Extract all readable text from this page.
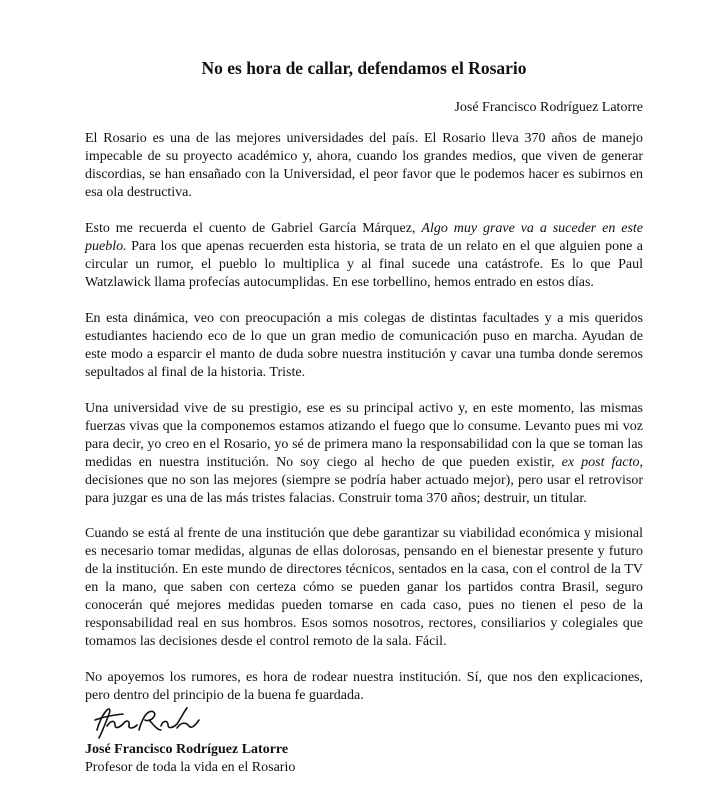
No es hora de callar, defendamos el Rosario
José Francisco Rodríguez Latorre

El Rosario es una de las mejores universidades del país. El Rosario lleva 370 años de manejo impecable de su proyecto académico y, ahora, cuando los grandes medios, que viven de generar discordias, se han ensañado con la Universidad, el peor favor que le podemos hacer es subirnos en esa ola destructiva.

Esto me recuerda el cuento de Gabriel García Márquez, Algo muy grave va a suceder en este pueblo. Para los que apenas recuerden esta historia, se trata de un relato en el que alguien pone a circular un rumor, el pueblo lo multiplica y al final sucede una catástrofe. Es lo que Paul Watzlawick llama profecías autocumplidas. En ese torbellino, hemos entrado en estos días.

En esta dinámica, veo con preocupación a mis colegas de distintas facultades y a mis queridos estudiantes haciendo eco de lo que un gran medio de comunicación puso en marcha. Ayudan de este modo a esparcir el manto de duda sobre nuestra institución y cavar una tumba donde seremos sepultados al final de la historia. Triste.

Una universidad vive de su prestigio, ese es su principal activo y, en este momento, las mismas fuerzas vivas que la componemos estamos atizando el fuego que lo consume. Levanto pues mi voz para decir, yo creo en el Rosario, yo sé de primera mano la responsabilidad con la que se toman las medidas en nuestra institución. No soy ciego al hecho de que pueden existir, ex post facto, decisiones que no son las mejores (siempre se podría haber actuado mejor), pero usar el retrovisor para juzgar es una de las más tristes falacias. Construir toma 370 años; destruir, un titular.

Cuando se está al frente de una institución que debe garantizar su viabilidad económica y misional es necesario tomar medidas, algunas de ellas dolorosas, pensando en el bienestar presente y futuro de la institución. En este mundo de directores técnicos, sentados en la casa, con el control de la TV en la mano, que saben con certeza cómo se pueden ganar los partidos contra Brasil, seguro conocerán qué mejores medidas pueden tomarse en cada caso, pues no tienen el peso de la responsabilidad real en sus hombros. Esos somos nosotros, rectores, consiliarios y colegiales que tomamos las decisiones desde el control remoto de la sala. Fácil.

No apoyemos los rumores, es hora de rodear nuestra institución. Sí, que nos den explicaciones, pero dentro del principio de la buena fe guardada.

José Francisco Rodríguez Latorre
Profesor de toda la vida en el Rosario
